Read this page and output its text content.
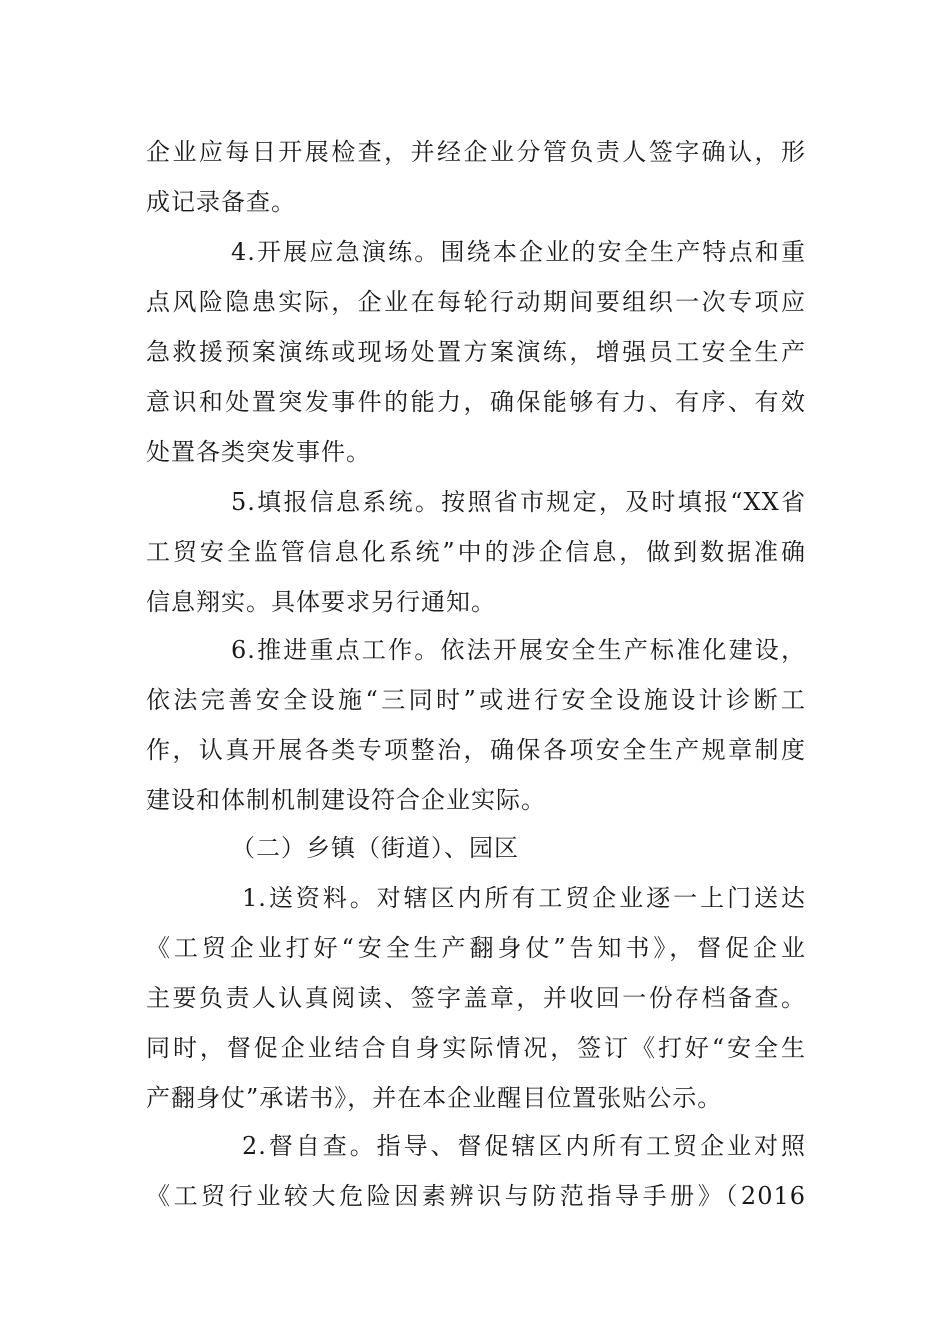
企业应每日开展检查，并经企业分管负责人签字确认，形
成记录备查。
4.开展应急演练。围绕本企业的安全生产特点和重
点风险隐患实际，企业在每轮行动期间要组织一次专项应
急救援预案演练或现场处置方案演练，增强员工安全生产
意识和处置突发事件的能力，确保能够有力、有序、有效
处置各类突发事件。
5.填报信息系统。按照省市规定，及时填报“XX省
工贸安全监管信息化系统”中的涉企信息，做到数据准确
信息翔实。具体要求另行通知。
6.推进重点工作。依法开展安全生产标准化建设，
依法完善安全设施“三同时”或进行安全设施设计诊断工
作，认真开展各类专项整治，确保各项安全生产规章制度
建设和体制机制建设符合企业实际。
（二）乡镇（街道）、园区
1.送资料。对辖区内所有工贸企业逐一上门送达
《工贸企业打好“安全生产翻身仗”告知书》，督促企业
主要负责人认真阅读、签字盖章，并收回一份存档备查。
同时，督促企业结合自身实际情况，签订《打好“安全生
产翻身仗”承诺书》，并在本企业醒目位置张贴公示。
2.督自查。指导、督促辖区内所有工贸企业对照
《工贸行业较大危险因素辨识与防范指导手册》（2016
